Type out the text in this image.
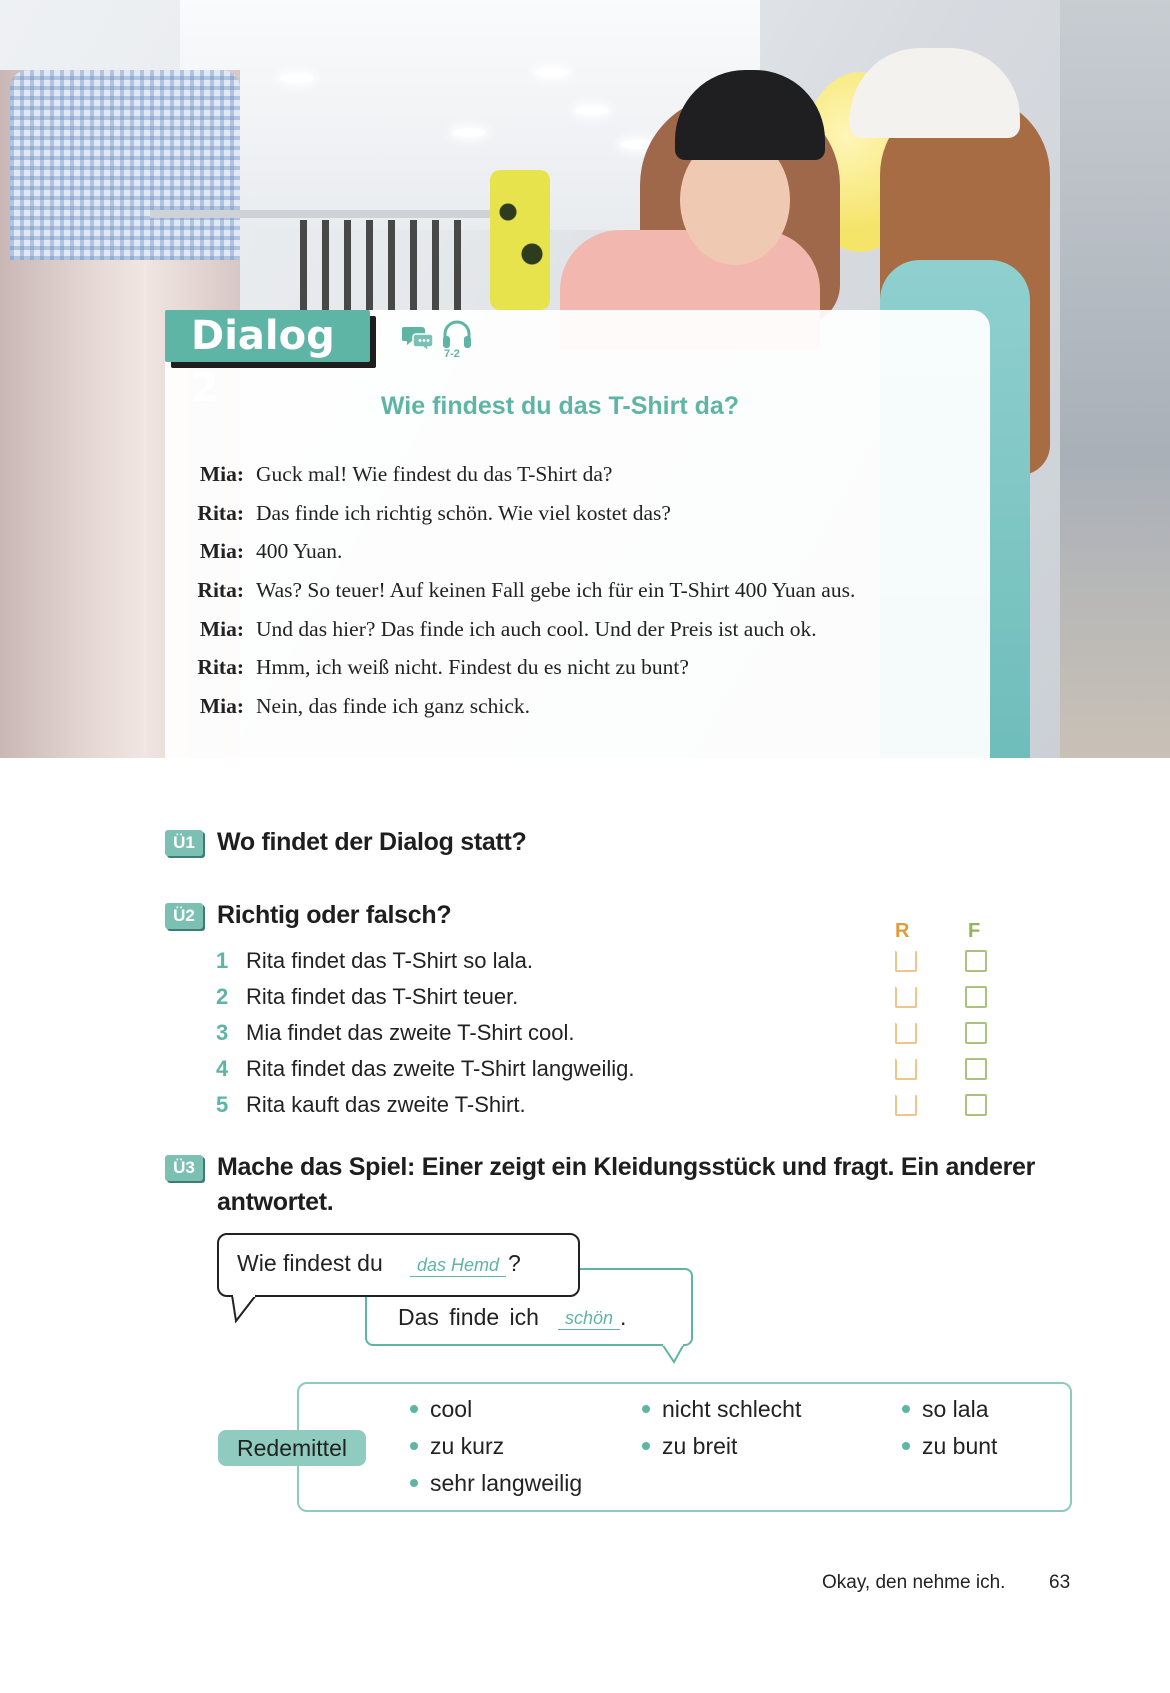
Dialog 2
7-2
Wie findest du das T-Shirt da?
Mia: Guck mal! Wie findest du das T-Shirt da?
Rita: Das finde ich richtig schön. Wie viel kostet das?
Mia: 400 Yuan.
Rita: Was? So teuer! Auf keinen Fall gebe ich für ein T-Shirt 400 Yuan aus.
Mia: Und das hier? Das finde ich auch cool. Und der Preis ist auch ok.
Rita: Hmm, ich weiß nicht. Findest du es nicht zu bunt?
Mia: Nein, das finde ich ganz schick.
Ü1 Wo findet der Dialog statt?
Ü2 Richtig oder falsch?
R	F
1 Rita findet das T-Shirt so lala.
2 Rita findet das T-Shirt teuer.
3 Mia findet das zweite T-Shirt cool.
4 Rita findet das zweite T-Shirt langweilig.
5 Rita kauft das zweite T-Shirt.
Ü3 Mache das Spiel: Einer zeigt ein Kleidungsstück und fragt. Ein anderer
antwortet.
Wie findest du	das Hemd ?
Das finde ich	schön .
Redemittel
cool	nicht schlecht	so lala
zu kurz	zu breit	zu bunt
sehr langweilig
Okay, den nehme ich. 63
